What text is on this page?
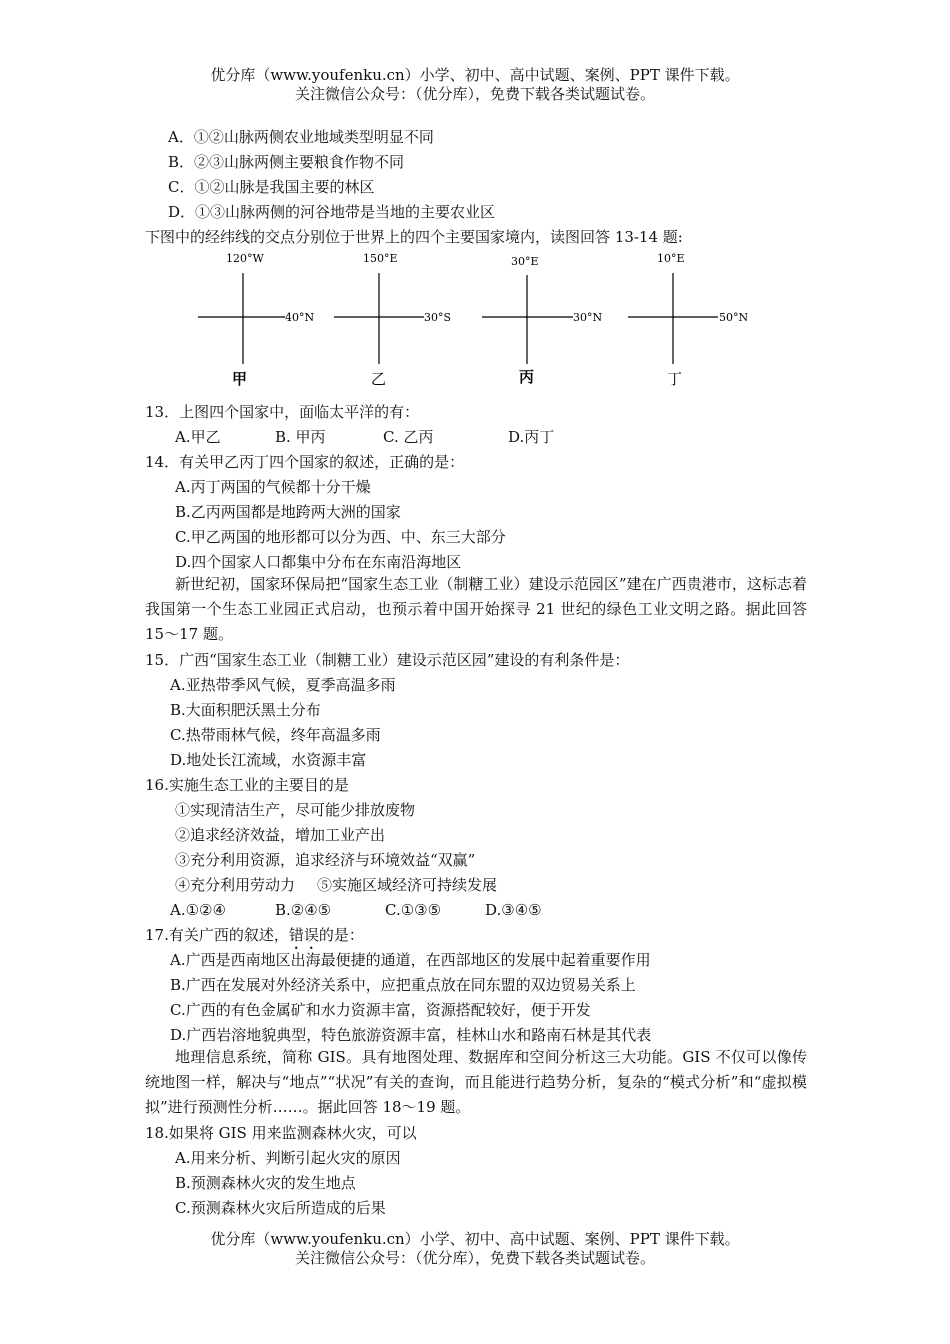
优分库（www.youfenku.cn）小学、初中、高中试题、案例、PPT 课件下载。
关注微信公众号：（优分库），免费下载各类试题试卷。
A．①②山脉两侧农业地域类型明显不同
B．②③山脉两侧主要粮食作物不同
C．①②山脉是我国主要的林区
D．①③山脉两侧的河谷地带是当地的主要农业区
下图中的经纬线的交点分别位于世界上的四个主要国家境内，读图回答 13-14 题:
120°W
40°N
甲
150°E
30°S
乙
30°E
30°N
丙
10°E
50°N
丁
13．上图四个国家中，面临太平洋的有：
A.甲乙	B. 甲丙	C. 乙丙	D.丙丁
14．有关甲乙丙丁四个国家的叙述，正确的是：
A.丙丁两国的气候都十分干燥
B.乙丙两国都是地跨两大洲的国家
C.甲乙两国的地形都可以分为西、中、东三大部分
D.四个国家人口都集中分布在东南沿海地区

新世纪初，国家环保局把“国家生态工业（制糖工业）建设示范园区”建在广西贵港市，这标志着我国第一个生态工业园正式启动，也预示着中国开始探寻 21 世纪的绿色工业文明之路。据此回答 15～17 题。

15．广西“国家生态工业（制糖工业）建设示范区园”建设的有利条件是：
A.亚热带季风气候，夏季高温多雨
B.大面积肥沃黑土分布
C.热带雨林气候，终年高温多雨
D.地处长江流域，水资源丰富
16.实施生态工业的主要目的是
①实现清洁生产，尽可能少排放废物
②追求经济效益，增加工业产出
③充分利用资源，追求经济与环境效益“双赢”
④充分利用劳动力 ⑤实施区域经济可持续发展
A.①②④	B.②④⑤	C.①③⑤	D.③④⑤
17.有关广西的叙述，错误的是：
A.广西是西南地区出海最便捷的通道，在西部地区的发展中起着重要作用
B.广西在发展对外经济关系中，应把重点放在同东盟的双边贸易关系上
C.广西的有色金属矿和水力资源丰富，资源搭配较好，便于开发
D.广西岩溶地貌典型，特色旅游资源丰富，桂林山水和路南石林是其代表

地理信息系统，简称 GIS。具有地图处理、数据库和空间分析这三大功能。GIS 不仅可以像传统地图一样，解决与“地点”“状况”有关的查询，而且能进行趋势分析，复杂的“模式分析”和“虚拟模拟”进行预测性分析……。据此回答 18～19 题。

18.如果将 GIS 用来监测森林火灾，可以
A.用来分析、判断引起火灾的原因
B.预测森林火灾的发生地点
C.预测森林火灾后所造成的后果
优分库（www.youfenku.cn）小学、初中、高中试题、案例、PPT 课件下载。
关注微信公众号：（优分库），免费下载各类试题试卷。
